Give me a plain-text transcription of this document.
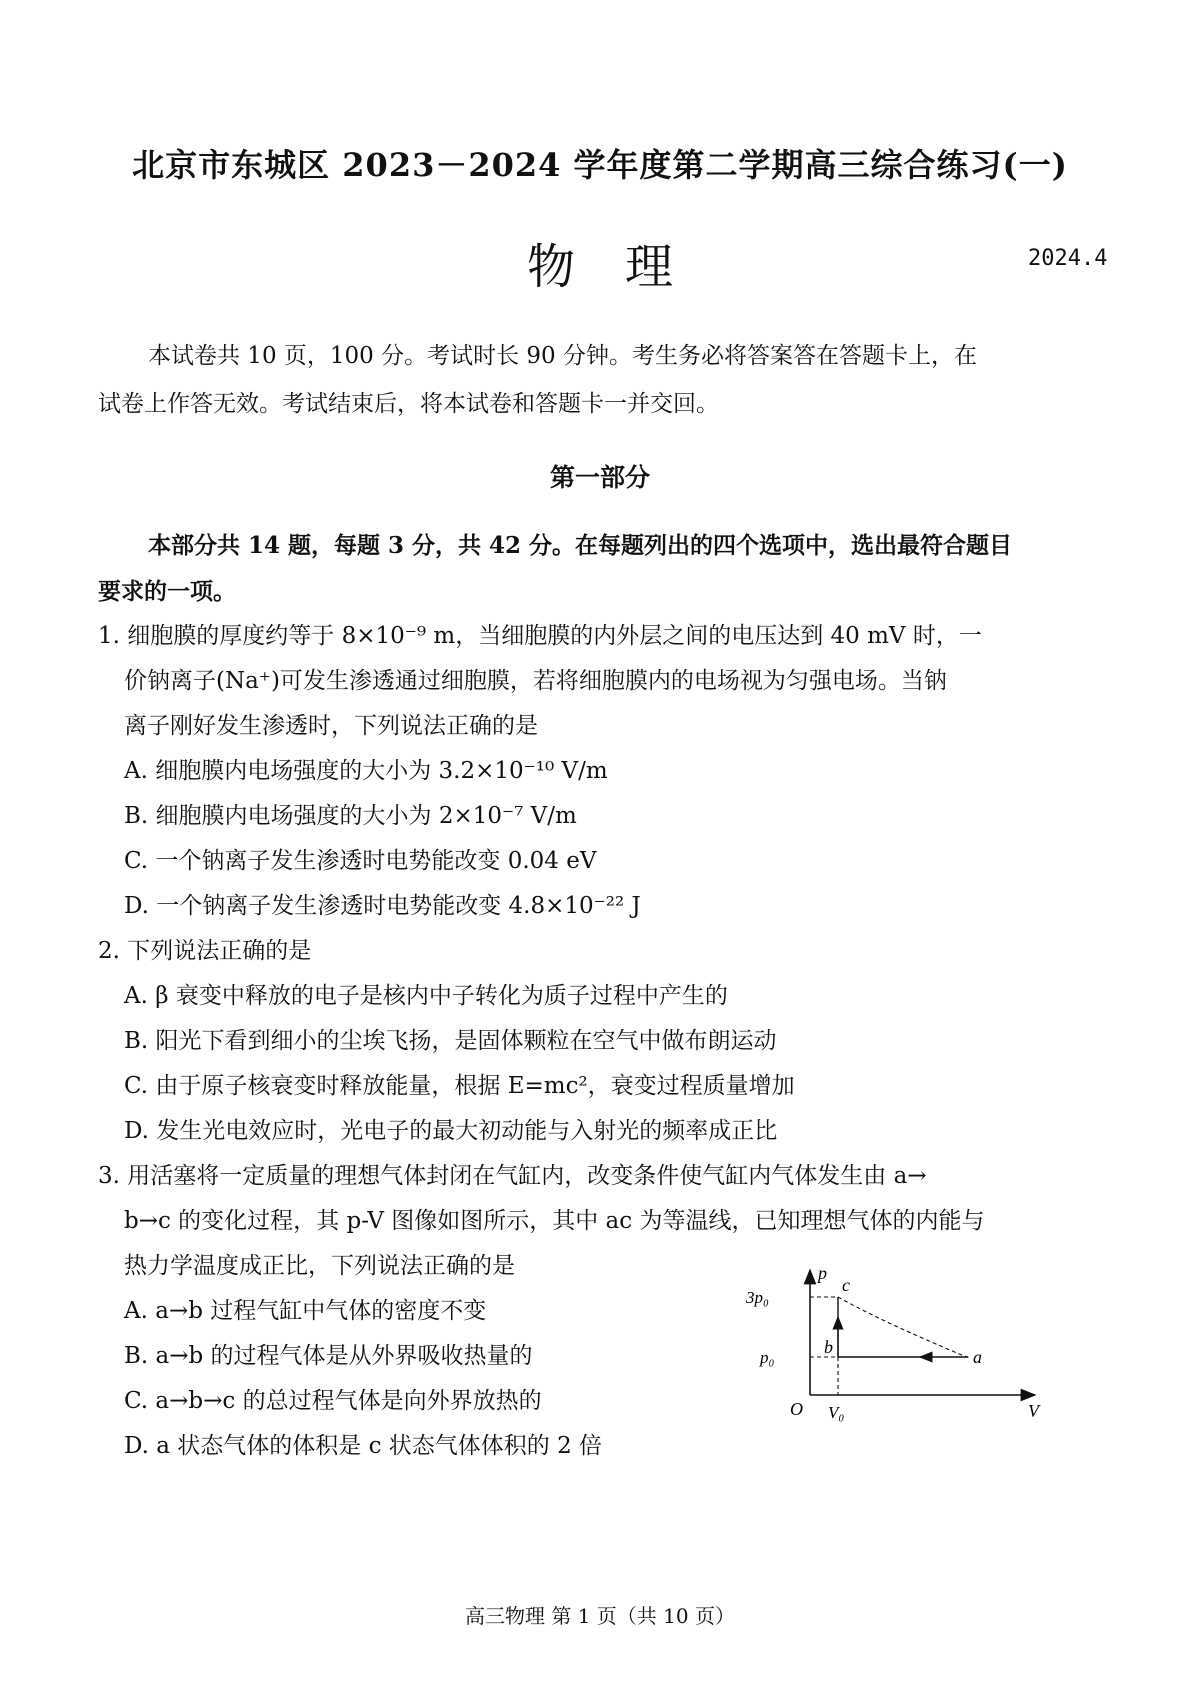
北京市东城区 2023－2024 学年度第二学期高三综合练习(一)
物理	2024.4
本试卷共 10 页，100 分。考试时长 90 分钟。考生务必将答案答在答题卡上，在
试卷上作答无效。考试结束后，将本试卷和答题卡一并交回。
第一部分
本部分共 14 题，每题 3 分，共 42 分。在每题列出的四个选项中，选出最符合题目
要求的一项。
1. 细胞膜的厚度约等于 8×10⁻⁹ m，当细胞膜的内外层之间的电压达到 40 mV 时，一
价钠离子(Na⁺)可发生渗透通过细胞膜，若将细胞膜内的电场视为匀强电场。当钠
离子刚好发生渗透时，下列说法正确的是
A. 细胞膜内电场强度的大小为 3.2×10⁻¹⁰ V/m
B. 细胞膜内电场强度的大小为 2×10⁻⁷ V/m
C. 一个钠离子发生渗透时电势能改变 0.04 eV
D. 一个钠离子发生渗透时电势能改变 4.8×10⁻²² J
2. 下列说法正确的是
A. β 衰变中释放的电子是核内中子转化为质子过程中产生的
B. 阳光下看到细小的尘埃飞扬，是固体颗粒在空气中做布朗运动
C. 由于原子核衰变时释放能量，根据 E=mc²，衰变过程质量增加
D. 发生光电效应时，光电子的最大初动能与入射光的频率成正比
3. 用活塞将一定质量的理想气体封闭在气缸内，改变条件使气缸内气体发生由 a→
b→c 的变化过程，其 p-V 图像如图所示，其中 ac 为等温线，已知理想气体的内能与
热力学温度成正比，下列说法正确的是
A. a→b 过程气缸中气体的密度不变
B. a→b 的过程气体是从外界吸收热量的
C. a→b→c 的总过程气体是向外界放热的
D. a 状态气体的体积是 c 状态气体体积的 2 倍
p
V
O
3p₀
p₀
V₀
a
b
c
高三物理 第 1 页（共 10 页）
